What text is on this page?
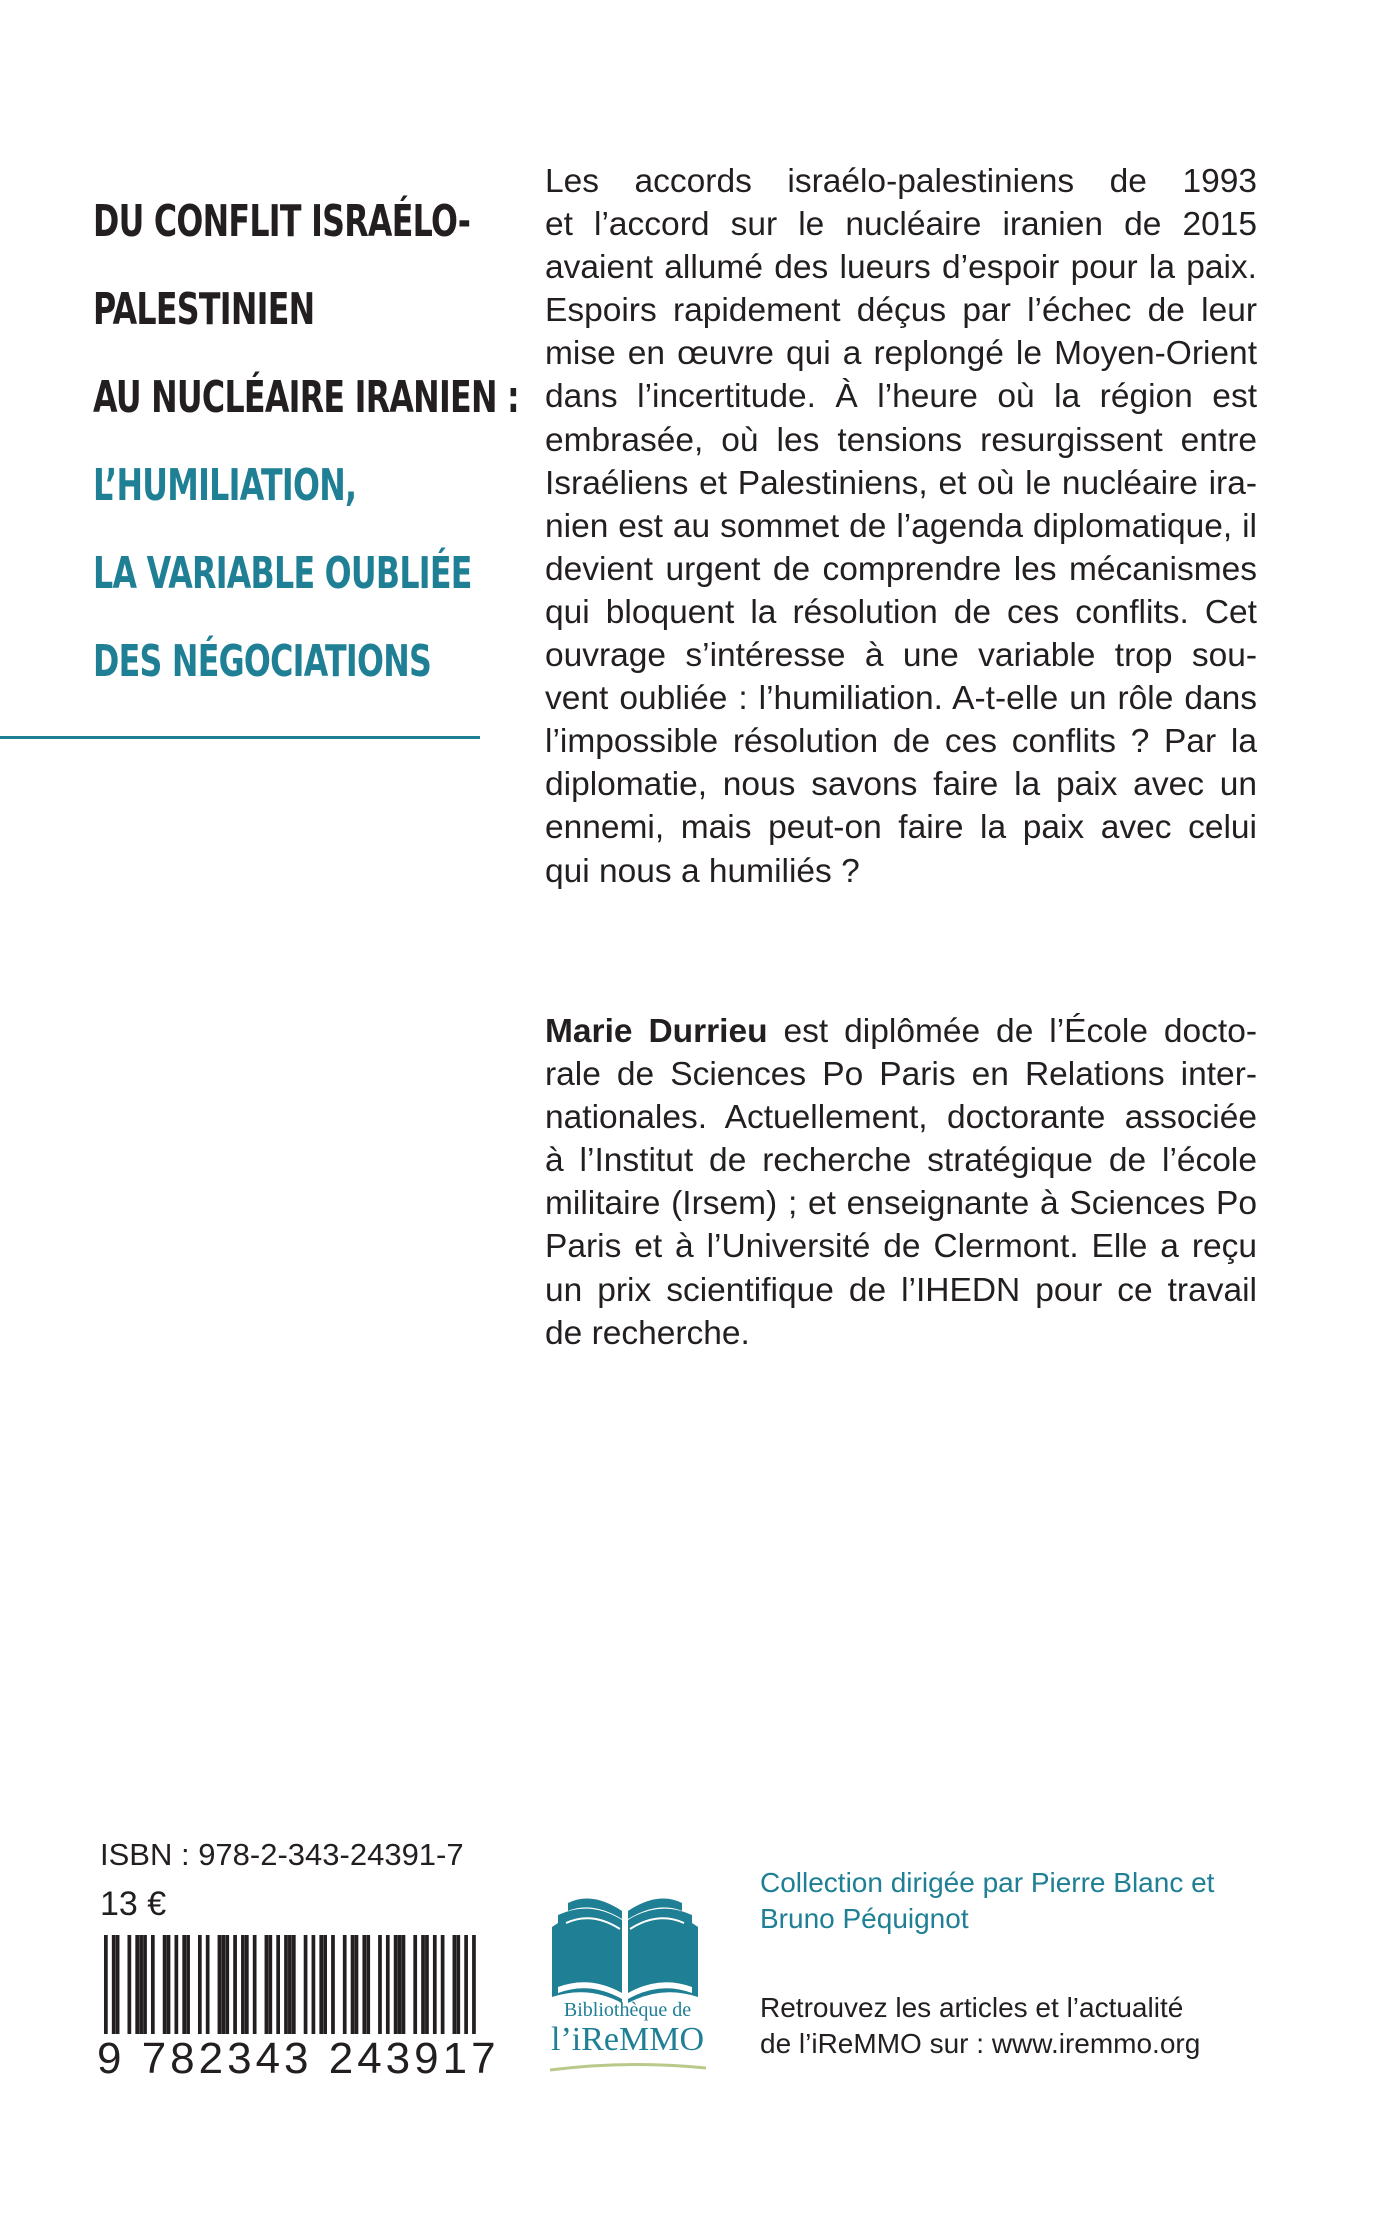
DU CONFLIT ISRAÉLO-
PALESTINIEN
AU NUCLÉAIRE IRANIEN :
L’HUMILIATION,
LA VARIABLE OUBLIÉE
DES NÉGOCIATIONS
Les accords israélo-palestiniens de 1993
et l’accord sur le nucléaire iranien de 2015
avaient allumé des lueurs d’espoir pour la paix.
Espoirs rapidement déçus par l’échec de leur
mise en œuvre qui a replongé le Moyen-Orient
dans l’incertitude. À l’heure où la région est
embrasée, où les tensions resurgissent entre
Israéliens et Palestiniens, et où le nucléaire ira-
nien est au sommet de l’agenda diplomatique, il
devient urgent de comprendre les mécanismes
qui bloquent la résolution de ces conflits. Cet
ouvrage s’intéresse à une variable trop sou-
vent oubliée : l’humiliation. A-t-elle un rôle dans
l’impossible résolution de ces conflits ? Par la
diplomatie, nous savons faire la paix avec un
ennemi, mais peut-on faire la paix avec celui
qui nous a humiliés ?
Marie Durrieu est diplômée de l’École docto-
rale de Sciences Po Paris en Relations inter-
nationales. Actuellement, doctorante associée
à l’Institut de recherche stratégique de l’école
militaire (Irsem) ; et enseignante à Sciences Po
Paris et à l’Université de Clermont. Elle a reçu
un prix scientifique de l’IHEDN pour ce travail
de recherche.
ISBN : 978-2-343-24391-7
13 €
9 782343 243917
Bibliothèque de
l’iReMMO
Collection dirigée par Pierre Blanc et
Bruno Péquignot
Retrouvez les articles et l’actualité
de l’iReMMO sur : www.iremmo.org
